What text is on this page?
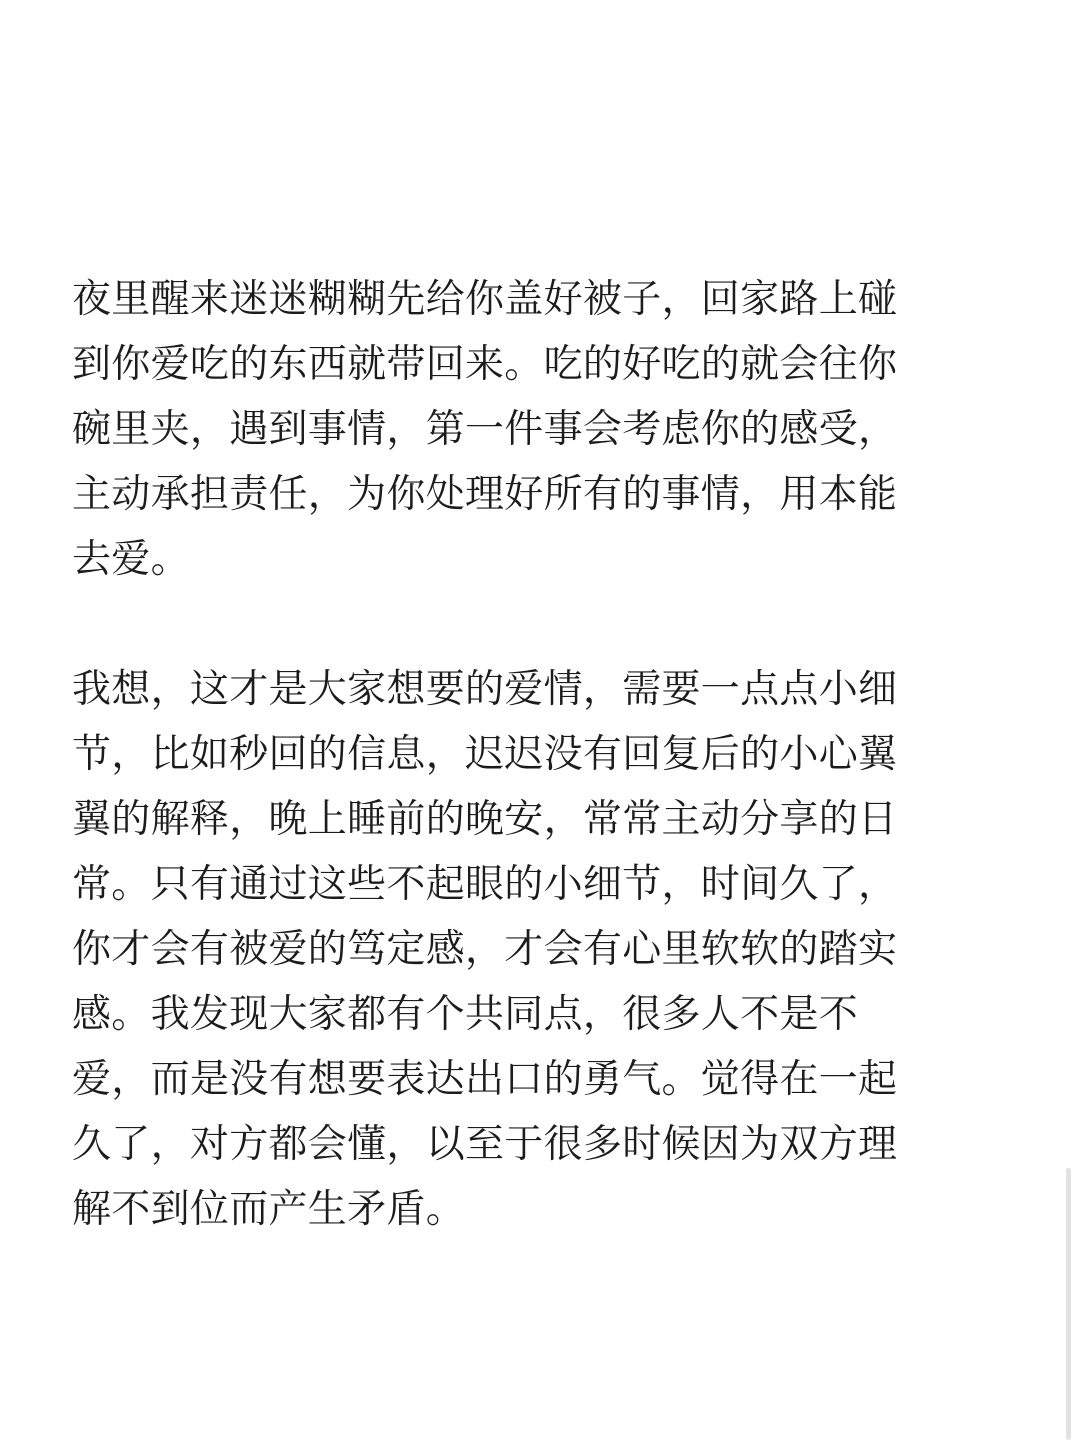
夜里醒来迷迷糊糊先给你盖好被子，回家路上碰
到你爱吃的东西就带回来。吃的好吃的就会往你
碗里夹，遇到事情，第一件事会考虑你的感受，
主动承担责任，为你处理好所有的事情，用本能
去爱。

我想，这才是大家想要的爱情，需要一点点小细
节，比如秒回的信息，迟迟没有回复后的小心翼
翼的解释，晚上睡前的晚安，常常主动分享的日
常。只有通过这些不起眼的小细节，时间久了，
你才会有被爱的笃定感，才会有心里软软的踏实
感。我发现大家都有个共同点，很多人不是不
爱，而是没有想要表达出口的勇气。觉得在一起
久了，对方都会懂，以至于很多时候因为双方理
解不到位而产生矛盾。
